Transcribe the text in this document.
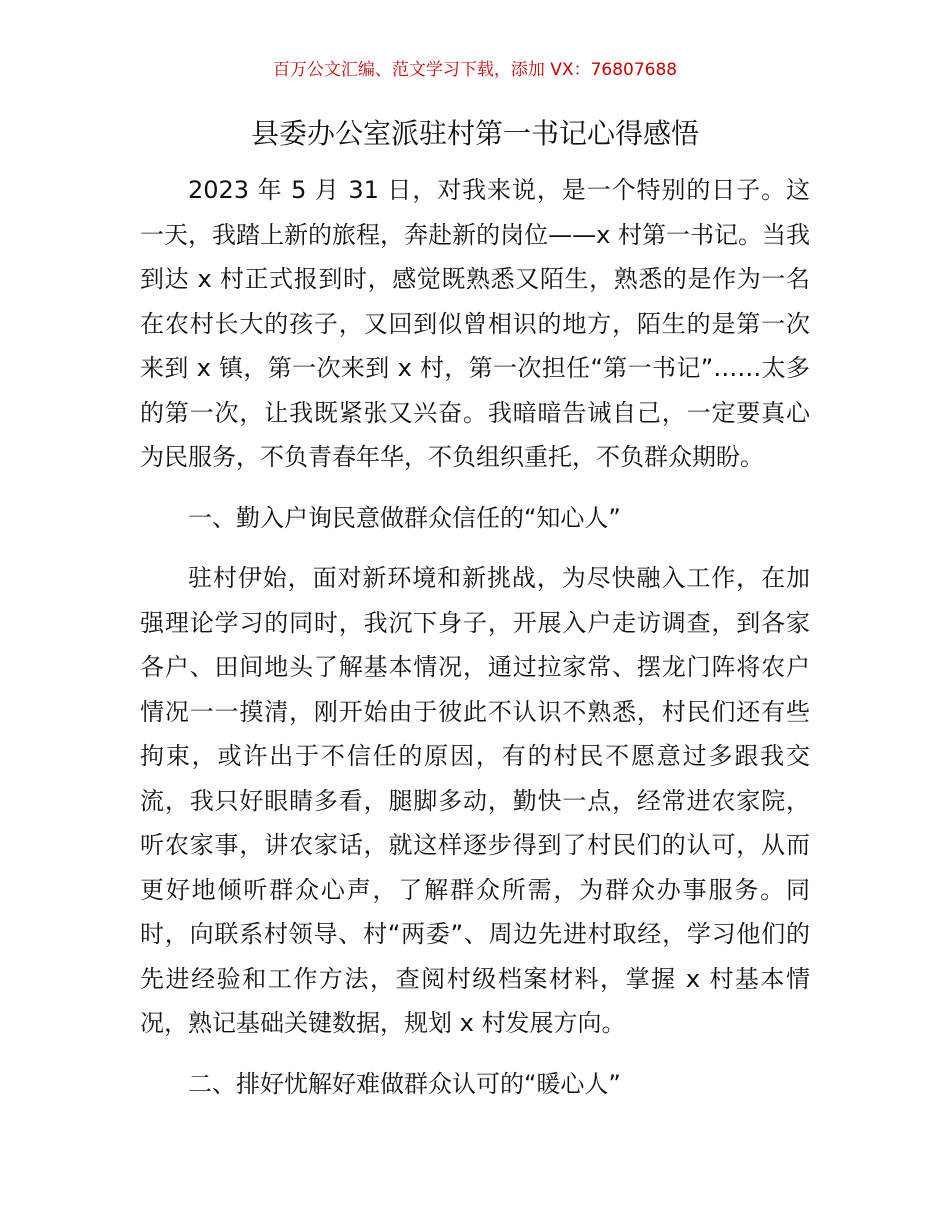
百万公文汇编、范文学习下载，添加 VX：76807688
县委办公室派驻村第一书记心得感悟

2023 年 5 月 31 日，对我来说，是一个特别的日子。这一天，我踏上新的旅程，奔赴新的岗位——x 村第一书记。当我到达 x 村正式报到时，感觉既熟悉又陌生，熟悉的是作为一名在农村长大的孩子，又回到似曾相识的地方，陌生的是第一次来到 x 镇，第一次来到 x 村，第一次担任“第一书记”……太多的第一次，让我既紧张又兴奋。我暗暗告诫自己，一定要真心为民服务，不负青春年华，不负组织重托，不负群众期盼。

一、勤入户询民意做群众信任的“知心人”

驻村伊始，面对新环境和新挑战，为尽快融入工作，在加强理论学习的同时，我沉下身子，开展入户走访调查，到各家各户、田间地头了解基本情况，通过拉家常、摆龙门阵将农户情况一一摸清，刚开始由于彼此不认识不熟悉，村民们还有些拘束，或许出于不信任的原因，有的村民不愿意过多跟我交流，我只好眼睛多看，腿脚多动，勤快一点，经常进农家院，听农家事，讲农家话，就这样逐步得到了村民们的认可，从而更好地倾听群众心声，了解群众所需，为群众办事服务。同时，向联系村领导、村“两委”、周边先进村取经，学习他们的先进经验和工作方法，查阅村级档案材料，掌握 x 村基本情况，熟记基础关键数据，规划 x 村发展方向。

二、排好忧解好难做群众认可的“暖心人”
